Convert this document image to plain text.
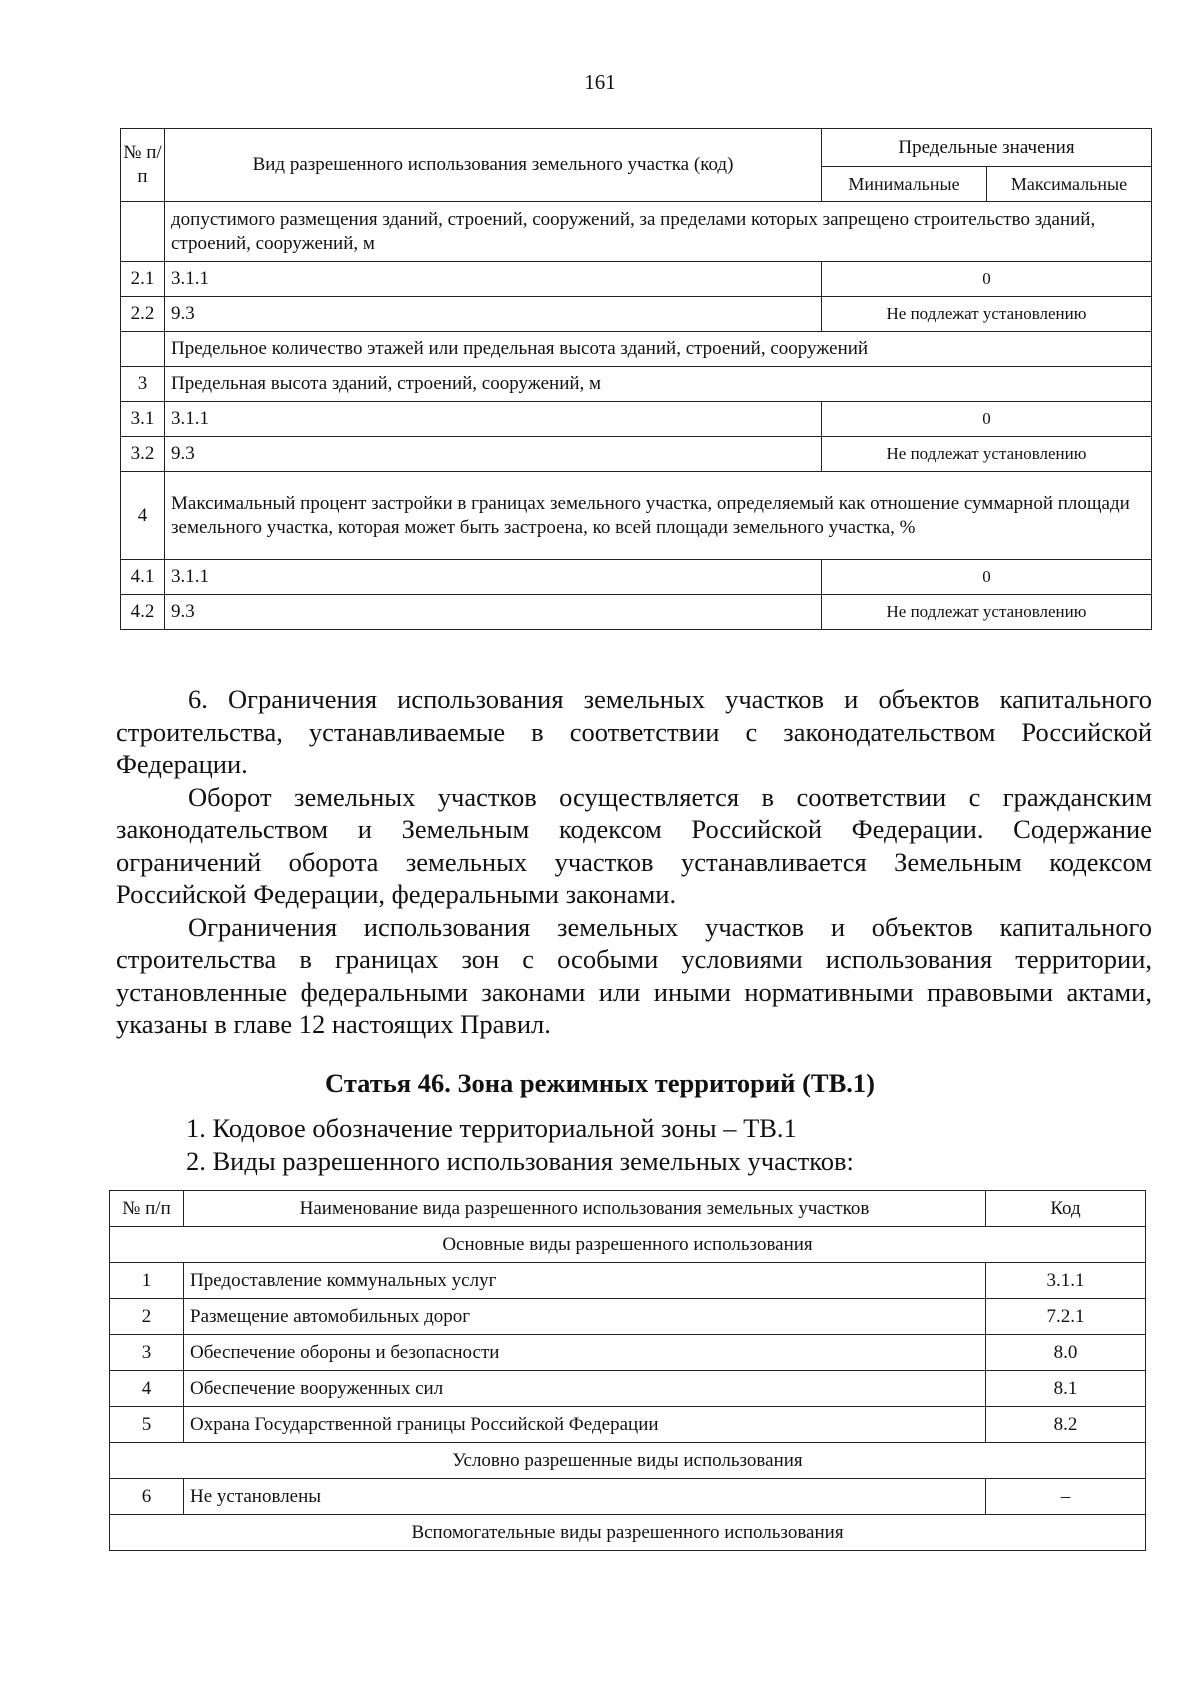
161
№ п/п	Вид разрешенного использования земельного участка (код)	Предельные значения	
		Минимальные	Максимальные
	допустимого размещения зданий, строений, сооружений, за пределами которых запрещено строительство зданий, строений, сооружений, м		
2.1	3.1.1	0	
2.2	9.3	Не подлежат установлению	
	Предельное количество этажей или предельная высота зданий, строений, сооружений		
3	Предельная высота зданий, строений, сооружений, м		
3.1	3.1.1	0	
3.2	9.3	Не подлежат установлению	
4	Максимальный процент застройки в границах земельного участка, определяемый как отношение суммарной площади земельного участка, которая может быть застроена, ко всей площади земельного участка, %		
4.1	3.1.1	0	
4.2	9.3	Не подлежат установлению	

6. Ограничения использования земельных участков и объектов капитального строительства, устанавливаемые в соответствии с законодательством Российской Федерации.

Оборот земельных участков осуществляется в соответствии с гражданским законодательством и Земельным кодексом Российской Федерации. Содержание ограничений оборота земельных участков устанавливается Земельным кодексом Российской Федерации, федеральными законами.

Ограничения использования земельных участков и объектов капитального строительства в границах зон с особыми условиями использования территории, установленные федеральными законами или иными нормативными правовыми актами, указаны в главе 12 настоящих Правил.

Статья 46. Зона режимных территорий (ТВ.1)
1. Кодовое обозначение территориальной зоны – ТВ.1
2. Виды разрешенного использования земельных участков:
№ п/п	Наименование вида разрешенного использования земельных участков	Код
Основные виды разрешенного использования		
1	Предоставление коммунальных услуг	3.1.1
2	Размещение автомобильных дорог	7.2.1
3	Обеспечение обороны и безопасности	8.0
4	Обеспечение вооруженных сил	8.1
5	Охрана Государственной границы Российской Федерации	8.2
Условно разрешенные виды использования		
6	Не установлены	–
Вспомогательные виды разрешенного использования		
